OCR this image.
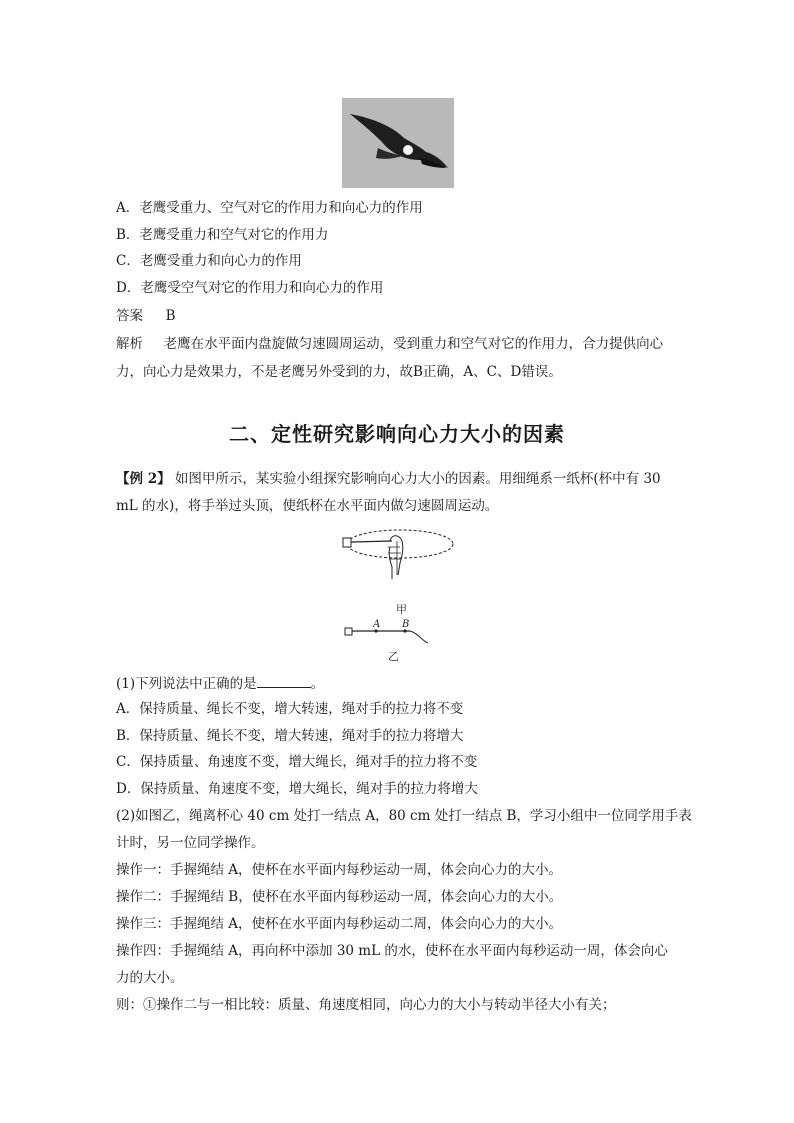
A．老鹰受重力、空气对它的作用力和向心力的作用
B．老鹰受重力和空气对它的作用力
C．老鹰受重力和向心力的作用
D．老鹰受空气对它的作用力和向心力的作用
答案 B
解析 老鹰在水平面内盘旋做匀速圆周运动，受到重力和空气对它的作用力，合力提供向心
力，向心力是效果力，不是老鹰另外受到的力，故B正确，A、C、D错误。
二、定性研究影响向心力大小的因素
【例 2】 如图甲所示，某实验小组探究影响向心力大小的因素。用细绳系一纸杯(杯中有 30
mL 的水)，将手举过头顶，使纸杯在水平面内做匀速圆周运动。
甲
A B
乙
(1)下列说法中正确的是	。
A．保持质量、绳长不变，增大转速，绳对手的拉力将不变
B．保持质量、绳长不变，增大转速，绳对手的拉力将增大
C．保持质量、角速度不变，增大绳长，绳对手的拉力将不变
D．保持质量、角速度不变，增大绳长，绳对手的拉力将增大
(2)如图乙，绳离杯心 40 cm 处打一结点 A，80 cm 处打一结点 B，学习小组中一位同学用手表
计时，另一位同学操作。
操作一：手握绳结 A，使杯在水平面内每秒运动一周，体会向心力的大小。
操作二：手握绳结 B，使杯在水平面内每秒运动一周，体会向心力的大小。
操作三：手握绳结 A，使杯在水平面内每秒运动二周，体会向心力的大小。
操作四：手握绳结 A，再向杯中添加 30 mL 的水，使杯在水平面内每秒运动一周，体会向心
力的大小。
则：①操作二与一相比较：质量、角速度相同，向心力的大小与转动半径大小有关；
